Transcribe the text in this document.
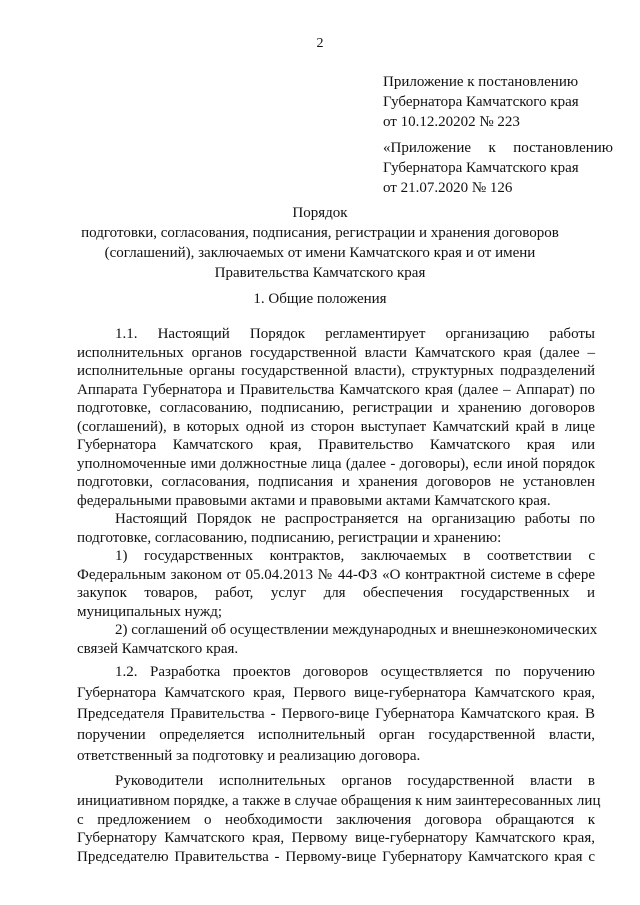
2
Приложение к постановлению
Губернатора Камчатского края
от 10.12.20202 № 223
«Приложение к постановлению
Губернатора Камчатского края
от 21.07.2020 № 126
Порядок
подготовки, согласования, подписания, регистрации и хранения договоров
(соглашений), заключаемых от имени Камчатского края и от имени
Правительства Камчатского края
1. Общие положения
1.1. Настоящий Порядок регламентирует организацию работы
исполнительных органов государственной власти Камчатского края (далее –
исполнительные органы государственной власти), структурных подразделений
Аппарата Губернатора и Правительства Камчатского края (далее – Аппарат) по
подготовке, согласованию, подписанию, регистрации и хранению договоров
(соглашений), в которых одной из сторон выступает Камчатский край в лице
Губернатора Камчатского края, Правительство Камчатского края или
уполномоченные ими должностные лица (далее - договоры), если иной порядок
подготовки, согласования, подписания и хранения договоров не установлен
федеральными правовыми актами и правовыми актами Камчатского края.
Настоящий Порядок не распространяется на организацию работы по
подготовке, согласованию, подписанию, регистрации и хранению:
1) государственных контрактов, заключаемых в соответствии с
Федеральным законом от 05.04.2013 № 44-ФЗ «О контрактной системе в сфере
закупок товаров, работ, услуг для обеспечения государственных и
муниципальных нужд;
2) соглашений об осуществлении международных и внешнеэкономических
связей Камчатского края.
1.2. Разработка проектов договоров осуществляется по поручению
Губернатора Камчатского края, Первого вице-губернатора Камчатского края,
Председателя Правительства - Первого-вице Губернатора Камчатского края. В
поручении определяется исполнительный орган государственной власти,
ответственный за подготовку и реализацию договора.
Руководители исполнительных органов государственной власти в
инициативном порядке, а также в случае обращения к ним заинтересованных лиц
с предложением о необходимости заключения договора обращаются к
Губернатору Камчатского края, Первому вице-губернатору Камчатского края,
Председателю Правительства - Первому-вице Губернатору Камчатского края с
